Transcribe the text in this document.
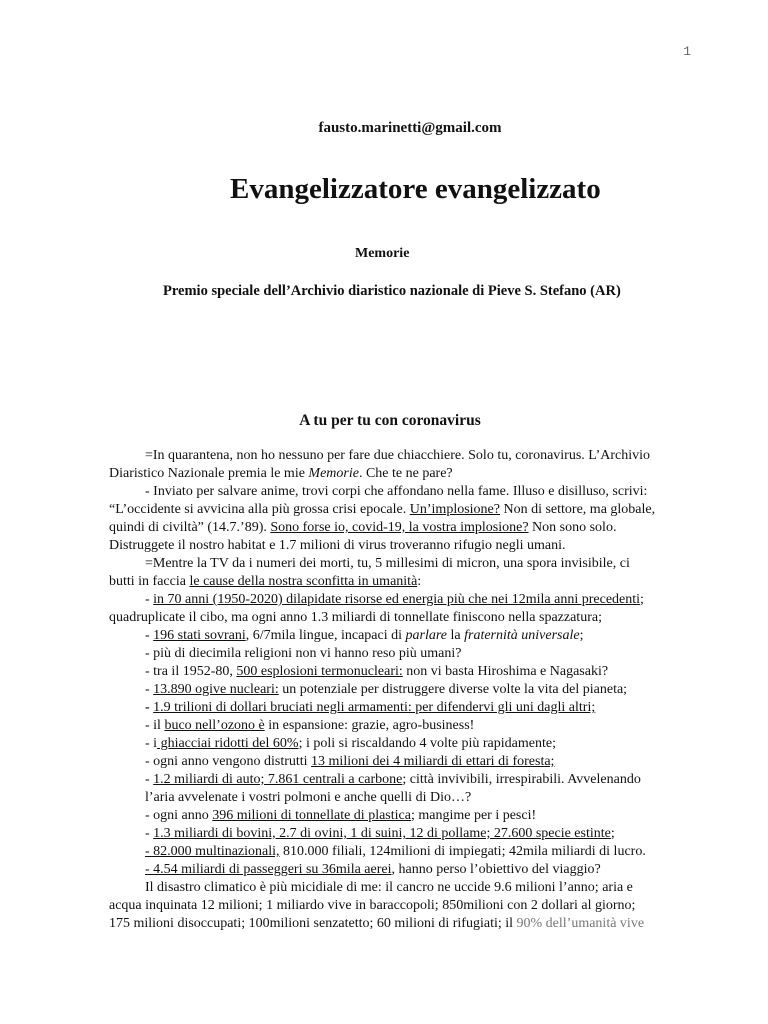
1
fausto.marinetti@gmail.com
Evangelizzatore evangelizzato
Memorie
Premio speciale dell’Archivio diaristico nazionale di Pieve S. Stefano (AR)
A tu per tu con coronavirus
=In quarantena, non ho nessuno per fare due chiacchiere. Solo tu, coronavirus. L’Archivio
Diaristico Nazionale premia le mie Memorie. Che te ne pare?
- Inviato per salvare anime, trovi corpi che affondano nella fame. Illuso e disilluso, scrivi:
“L’occidente si avvicina alla più grossa crisi epocale. Un’implosione? Non di settore, ma globale,
quindi di civiltà” (14.7.’89). Sono forse io, covid-19, la vostra implosione? Non sono solo.
Distruggete il nostro habitat e 1.7 milioni di virus troveranno rifugio negli umani.
=Mentre la TV da i numeri dei morti, tu, 5 millesimi di micron, una spora invisibile, ci
butti in faccia le cause della nostra sconfitta in umanità:
- in 70 anni (1950-2020) dilapidate risorse ed energia più che nei 12mila anni precedenti;
quadruplicate il cibo, ma ogni anno 1.3 miliardi di tonnellate finiscono nella spazzatura;
- 196 stati sovrani, 6/7mila lingue, incapaci di parlare la fraternità universale;
- più di diecimila religioni non vi hanno reso più umani?
- tra il 1952-80, 500 esplosioni termonucleari: non vi basta Hiroshima e Nagasaki?
- 13.890 ogive nucleari: un potenziale per distruggere diverse volte la vita del pianeta;
- 1.9 trilioni di dollari bruciati negli armamenti: per difendervi gli uni dagli altri;
- il buco nell’ozono è in espansione: grazie, agro-business!
- i ghiacciai ridotti del 60%; i poli si riscaldando 4 volte più rapidamente;
- ogni anno vengono distrutti 13 milioni dei 4 miliardi di ettari di foresta;
- 1.2 miliardi di auto; 7.861 centrali a carbone; città invivibili, irrespirabili. Avvelenando
l’aria avvelenate i vostri polmoni e anche quelli di Dio…?
- ogni anno 396 milioni di tonnellate di plastica; mangime per i pesci!
- 1.3 miliardi di bovini, 2.7 di ovini, 1 di suini, 12 di pollame; 27.600 specie estinte;
- 82.000 multinazionali, 810.000 filiali, 124milioni di impiegati; 42mila miliardi di lucro.
- 4.54 miliardi di passeggeri su 36mila aerei, hanno perso l’obiettivo del viaggio?
Il disastro climatico è più micidiale di me: il cancro ne uccide 9.6 milioni l’anno; aria e
acqua inquinata 12 milioni; 1 miliardo vive in baraccopoli; 850milioni con 2 dollari al giorno;
175 milioni disoccupati; 100milioni senzatetto; 60 milioni di rifugiati; il 90% dell’umanità vive
